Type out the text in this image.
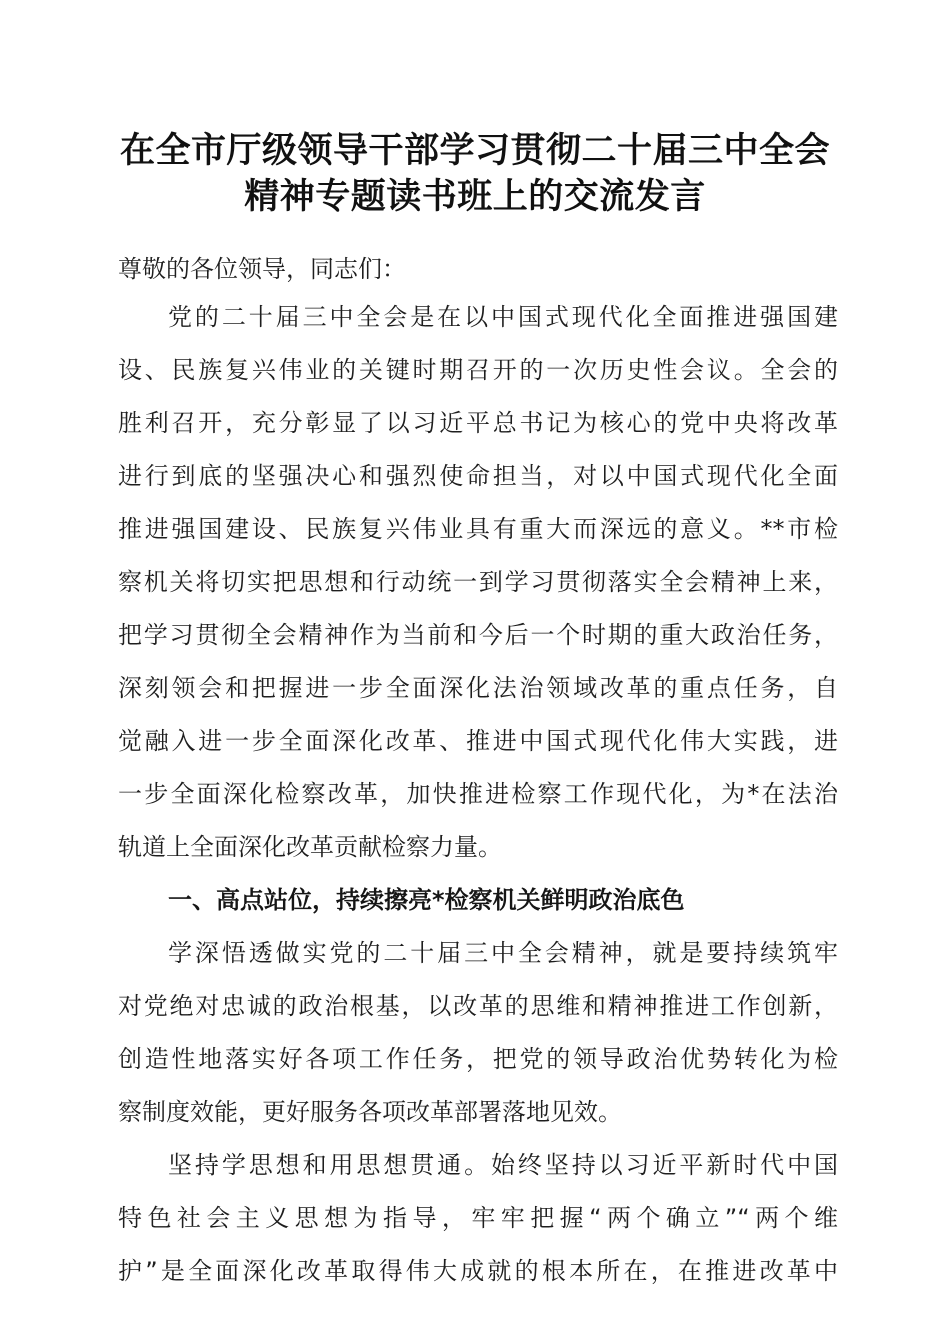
在全市厅级领导干部学习贯彻二十届三中全会
精神专题读书班上的交流发言
尊敬的各位领导，同志们：
党的二十届三中全会是在以中国式现代化全面推进强国建
设、民族复兴伟业的关键时期召开的一次历史性会议。全会的
胜利召开，充分彰显了以习近平总书记为核心的党中央将改革
进行到底的坚强决心和强烈使命担当，对以中国式现代化全面
推进强国建设、民族复兴伟业具有重大而深远的意义。**市检
察机关将切实把思想和行动统一到学习贯彻落实全会精神上来，
把学习贯彻全会精神作为当前和今后一个时期的重大政治任务，
深刻领会和把握进一步全面深化法治领域改革的重点任务，自
觉融入进一步全面深化改革、推进中国式现代化伟大实践，进
一步全面深化检察改革，加快推进检察工作现代化，为*在法治
轨道上全面深化改革贡献检察力量。
一、高点站位，持续擦亮*检察机关鲜明政治底色
学深悟透做实党的二十届三中全会精神，就是要持续筑牢
对党绝对忠诚的政治根基，以改革的思维和精神推进工作创新，
创造性地落实好各项工作任务，把党的领导政治优势转化为检
察制度效能，更好服务各项改革部署落地见效。
坚持学思想和用思想贯通。始终坚持以习近平新时代中国
特色社会主义思想为指导，牢牢把握“两个确立”“两个维
护”是全面深化改革取得伟大成就的根本所在，在推进改革中
